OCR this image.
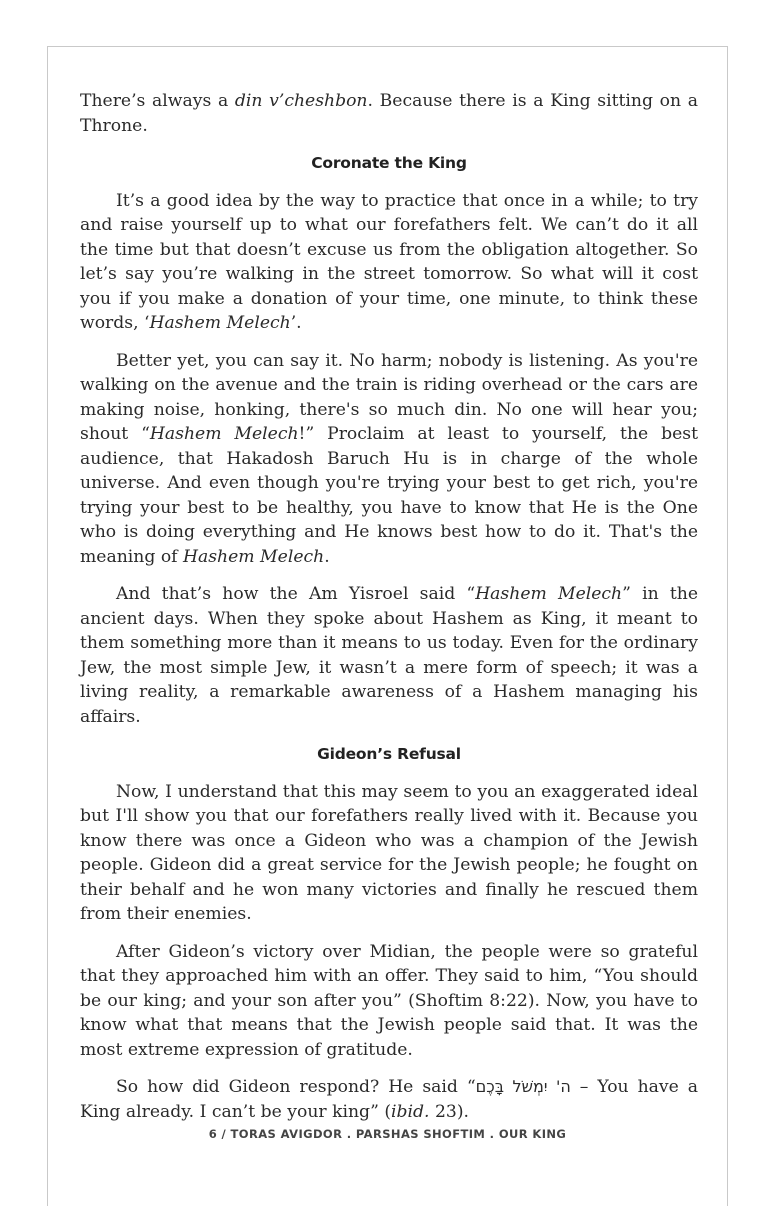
There’s always a din v’cheshbon. Because there is a King sitting on a Throne.

Coronate the King

It’s a good idea by the way to practice that once in a while; to try and raise yourself up to what our forefathers felt. We can’t do it all the time but that doesn’t excuse us from the obligation altogether. So let’s say you’re walking in the street tomorrow. So what will it cost you if you make a donation of your time, one minute, to think these words, ‘Hashem Melech’.

Better yet, you can say it. No harm; nobody is listening. As you're walking on the avenue and the train is riding overhead or the cars are making noise, honking, there's so much din. No one will hear you; shout “Hashem Melech!” Proclaim at least to yourself, the best audience, that Hakadosh Baruch Hu is in charge of the whole universe. And even though you're trying your best to get rich, you're trying your best to be healthy, you have to know that He is the One who is doing everything and He knows best how to do it. That's the meaning of Hashem Melech.

And that’s how the Am Yisroel said “Hashem Melech” in the ancient days. When they spoke about Hashem as King, it meant to them something more than it means to us today. Even for the ordinary Jew, the most simple Jew, it wasn’t a mere form of speech; it was a living reality, a remarkable awareness of a Hashem managing his affairs.

Gideon’s Refusal

Now, I understand that this may seem to you an exaggerated ideal but I'll show you that our forefathers really lived with it. Because you know there was once a Gideon who was a champion of the Jewish people. Gideon did a great service for the Jewish people; he fought on their behalf and he won many victories and finally he rescued them from their enemies.

After Gideon’s victory over Midian, the people were so grateful that they approached him with an offer. They said to him, “You should be our king; and your son after you” (Shoftim 8:22). Now, you have to know what that means that the Jewish people said that. It was the most extreme expression of gratitude.

So how did Gideon respond? He said “ה' יִמְשֹׁל בָּכֶם – You have a King already. I can’t be your king” (ibid. 23).

6 / TORAS AVIGDOR . PARSHAS SHOFTIM . OUR KING
